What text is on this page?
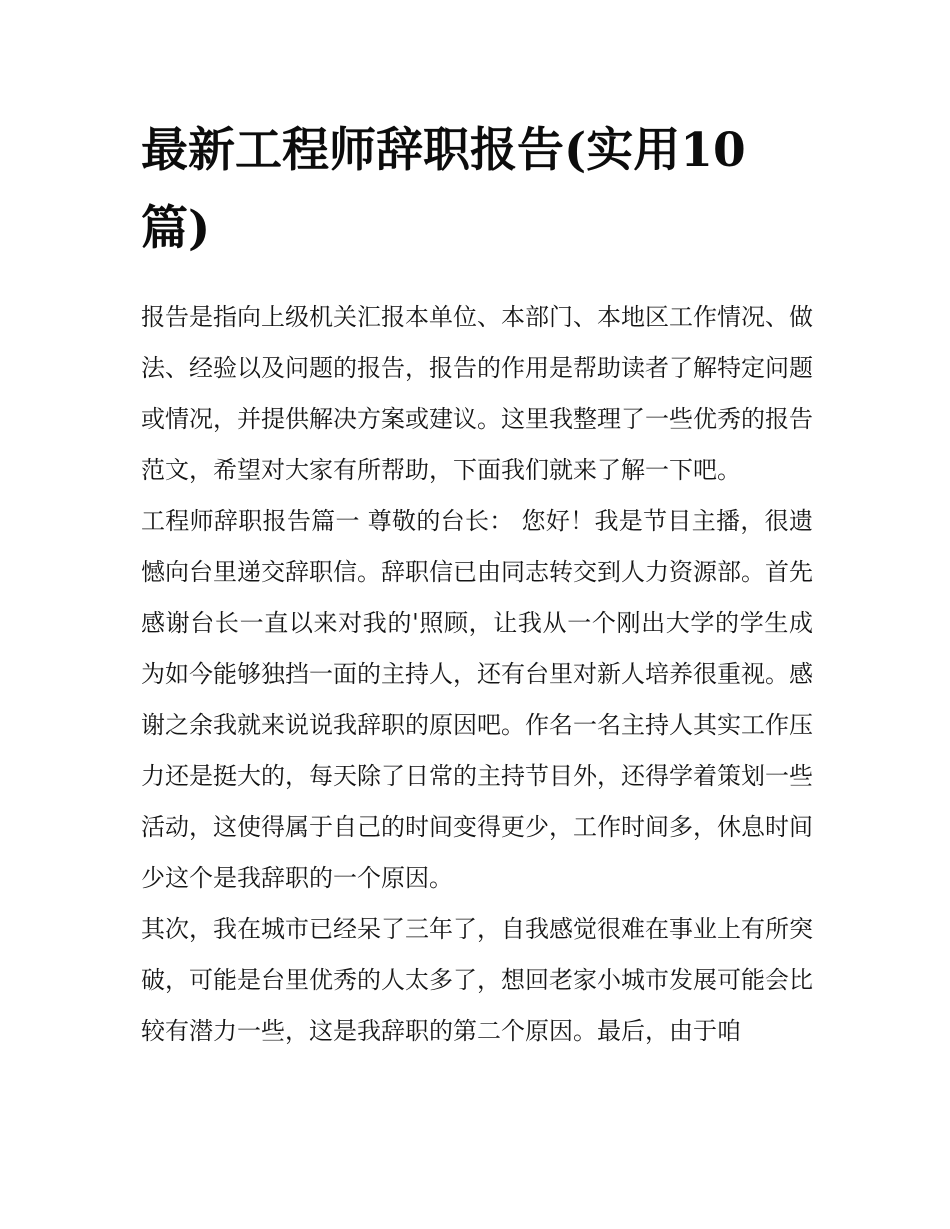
最新工程师辞职报告(实用10篇)

报告是指向上级机关汇报本单位、本部门、本地区工作情况、做法、经验以及问题的报告，报告的作用是帮助读者了解特定问题或情况，并提供解决方案或建议。这里我整理了一些优秀的报告范文，希望对大家有所帮助，下面我们就来了解一下吧。

工程师辞职报告篇一 尊敬的台长： 您好！我是节目主播，很遗憾向台里递交辞职信。辞职信已由同志转交到人力资源部。首先感谢台长一直以来对我的'照顾，让我从一个刚出大学的学生成为如今能够独挡一面的主持人，还有台里对新人培养很重视。感谢之余我就来说说我辞职的原因吧。作名一名主持人其实工作压力还是挺大的，每天除了日常的主持节目外，还得学着策划一些活动，这使得属于自己的时间变得更少，工作时间多，休息时间少这个是我辞职的一个原因。

其次，我在城市已经呆了三年了，自我感觉很难在事业上有所突破，可能是台里优秀的人太多了，想回老家小城市发展可能会比较有潜力一些，这是我辞职的第二个原因。最后，由于咱
